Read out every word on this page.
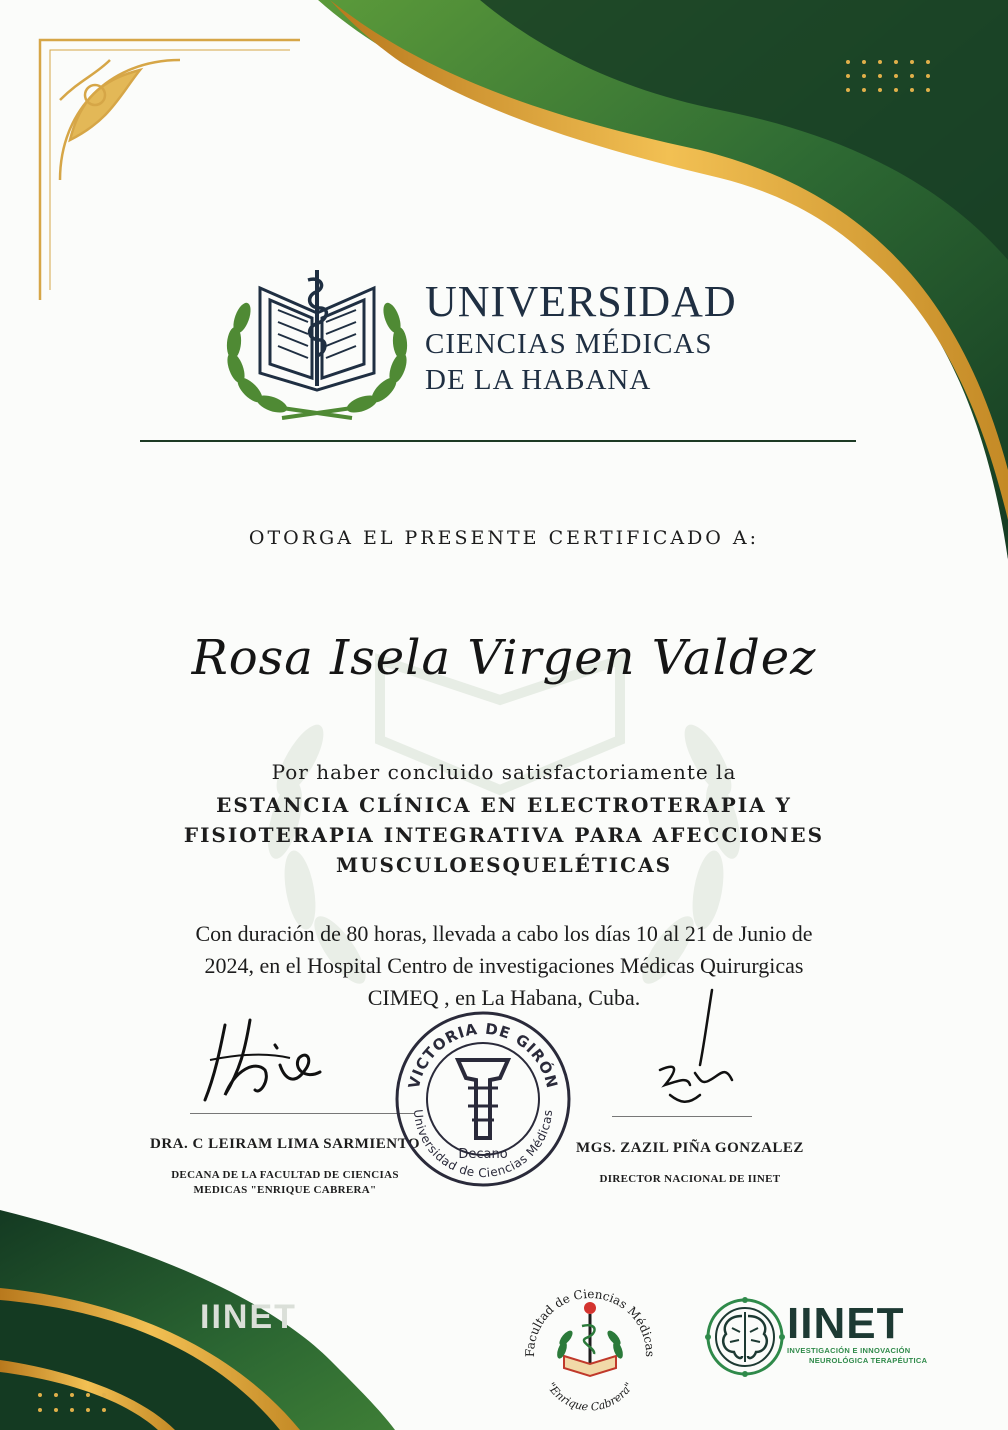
UNIVERSIDAD
CIENCIAS MÉDICAS
DE LA HABANA
OTORGA EL PRESENTE CERTIFICADO A:
Rosa Isela Virgen Valdez
Por haber concluido satisfactoriamente la
ESTANCIA CLÍNICA EN ELECTROTERAPIA Y
FISIOTERAPIA INTEGRATIVA PARA AFECCIONES
MUSCULOESQUELÉTICAS
Con duración de 80 horas, llevada a cabo los días 10 al 21 de Junio de
2024, en el Hospital Centro de investigaciones Médicas Quirurgicas
CIMEQ , en La Habana, Cuba.
DRA. C LEIRAM LIMA SARMIENTO
DECANA DE LA FACULTAD DE CIENCIAS
MEDICAS "ENRIQUE CABRERA"
VICTORIA DE GIRÓN
Universidad de Ciencias Médicas
Decano	MGS. ZAZIL PIÑA GONZALEZ
DIRECTOR NACIONAL DE IINET
IINET
Facultad de Ciencias Médicas
"Enrique Cabrera"
IINET
INVESTIGACIÓN E INNOVACIÓN
NEUROLÓGICA TERAPÉUTICA
